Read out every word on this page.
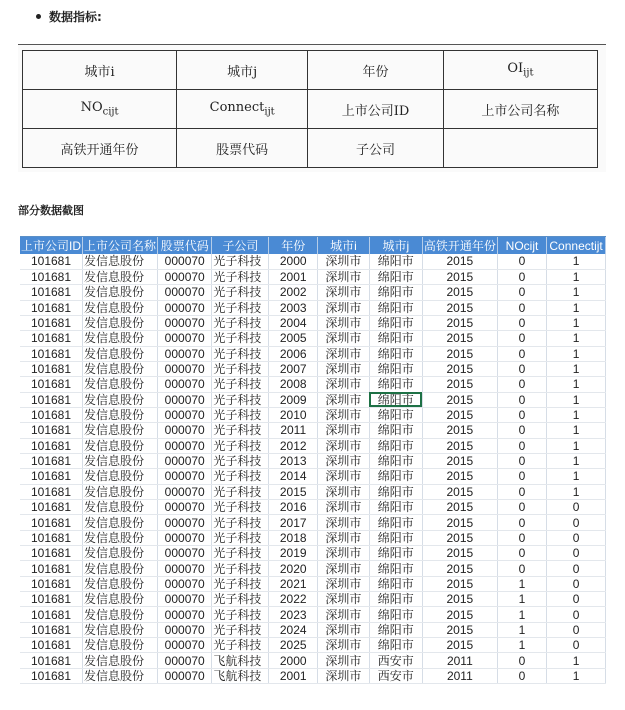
数据指标:
城市i	城市j	年份	$OI_{ijt}$
$NO_{cijt}$	Connect$_{ijt}$	上市公司ID	上市公司名称
高铁开通年份	股票代码	子公司	
部分数据截图
上市公司ID	上市公司名称	股票代码	子公司	年份	城市i	城市j	高铁开通年份	NOcijt	Connectijt
101681	发信息股份	000070	光子科技	2000	深圳市	绵阳市	2015	0	1
101681	发信息股份	000070	光子科技	2001	深圳市	绵阳市	2015	0	1
101681	发信息股份	000070	光子科技	2002	深圳市	绵阳市	2015	0	1
101681	发信息股份	000070	光子科技	2003	深圳市	绵阳市	2015	0	1
101681	发信息股份	000070	光子科技	2004	深圳市	绵阳市	2015	0	1
101681	发信息股份	000070	光子科技	2005	深圳市	绵阳市	2015	0	1
101681	发信息股份	000070	光子科技	2006	深圳市	绵阳市	2015	0	1
101681	发信息股份	000070	光子科技	2007	深圳市	绵阳市	2015	0	1
101681	发信息股份	000070	光子科技	2008	深圳市	绵阳市	2015	0	1
101681	发信息股份	000070	光子科技	2009	深圳市	绵阳市	2015	0	1
101681	发信息股份	000070	光子科技	2010	深圳市	绵阳市	2015	0	1
101681	发信息股份	000070	光子科技	2011	深圳市	绵阳市	2015	0	1
101681	发信息股份	000070	光子科技	2012	深圳市	绵阳市	2015	0	1
101681	发信息股份	000070	光子科技	2013	深圳市	绵阳市	2015	0	1
101681	发信息股份	000070	光子科技	2014	深圳市	绵阳市	2015	0	1
101681	发信息股份	000070	光子科技	2015	深圳市	绵阳市	2015	0	1
101681	发信息股份	000070	光子科技	2016	深圳市	绵阳市	2015	0	0
101681	发信息股份	000070	光子科技	2017	深圳市	绵阳市	2015	0	0
101681	发信息股份	000070	光子科技	2018	深圳市	绵阳市	2015	0	0
101681	发信息股份	000070	光子科技	2019	深圳市	绵阳市	2015	0	0
101681	发信息股份	000070	光子科技	2020	深圳市	绵阳市	2015	0	0
101681	发信息股份	000070	光子科技	2021	深圳市	绵阳市	2015	1	0
101681	发信息股份	000070	光子科技	2022	深圳市	绵阳市	2015	1	0
101681	发信息股份	000070	光子科技	2023	深圳市	绵阳市	2015	1	0
101681	发信息股份	000070	光子科技	2024	深圳市	绵阳市	2015	1	0
101681	发信息股份	000070	光子科技	2025	深圳市	绵阳市	2015	1	0
101681	发信息股份	000070	飞航科技	2000	深圳市	西安市	2011	0	1
101681	发信息股份	000070	飞航科技	2001	深圳市	西安市	2011	0	1
